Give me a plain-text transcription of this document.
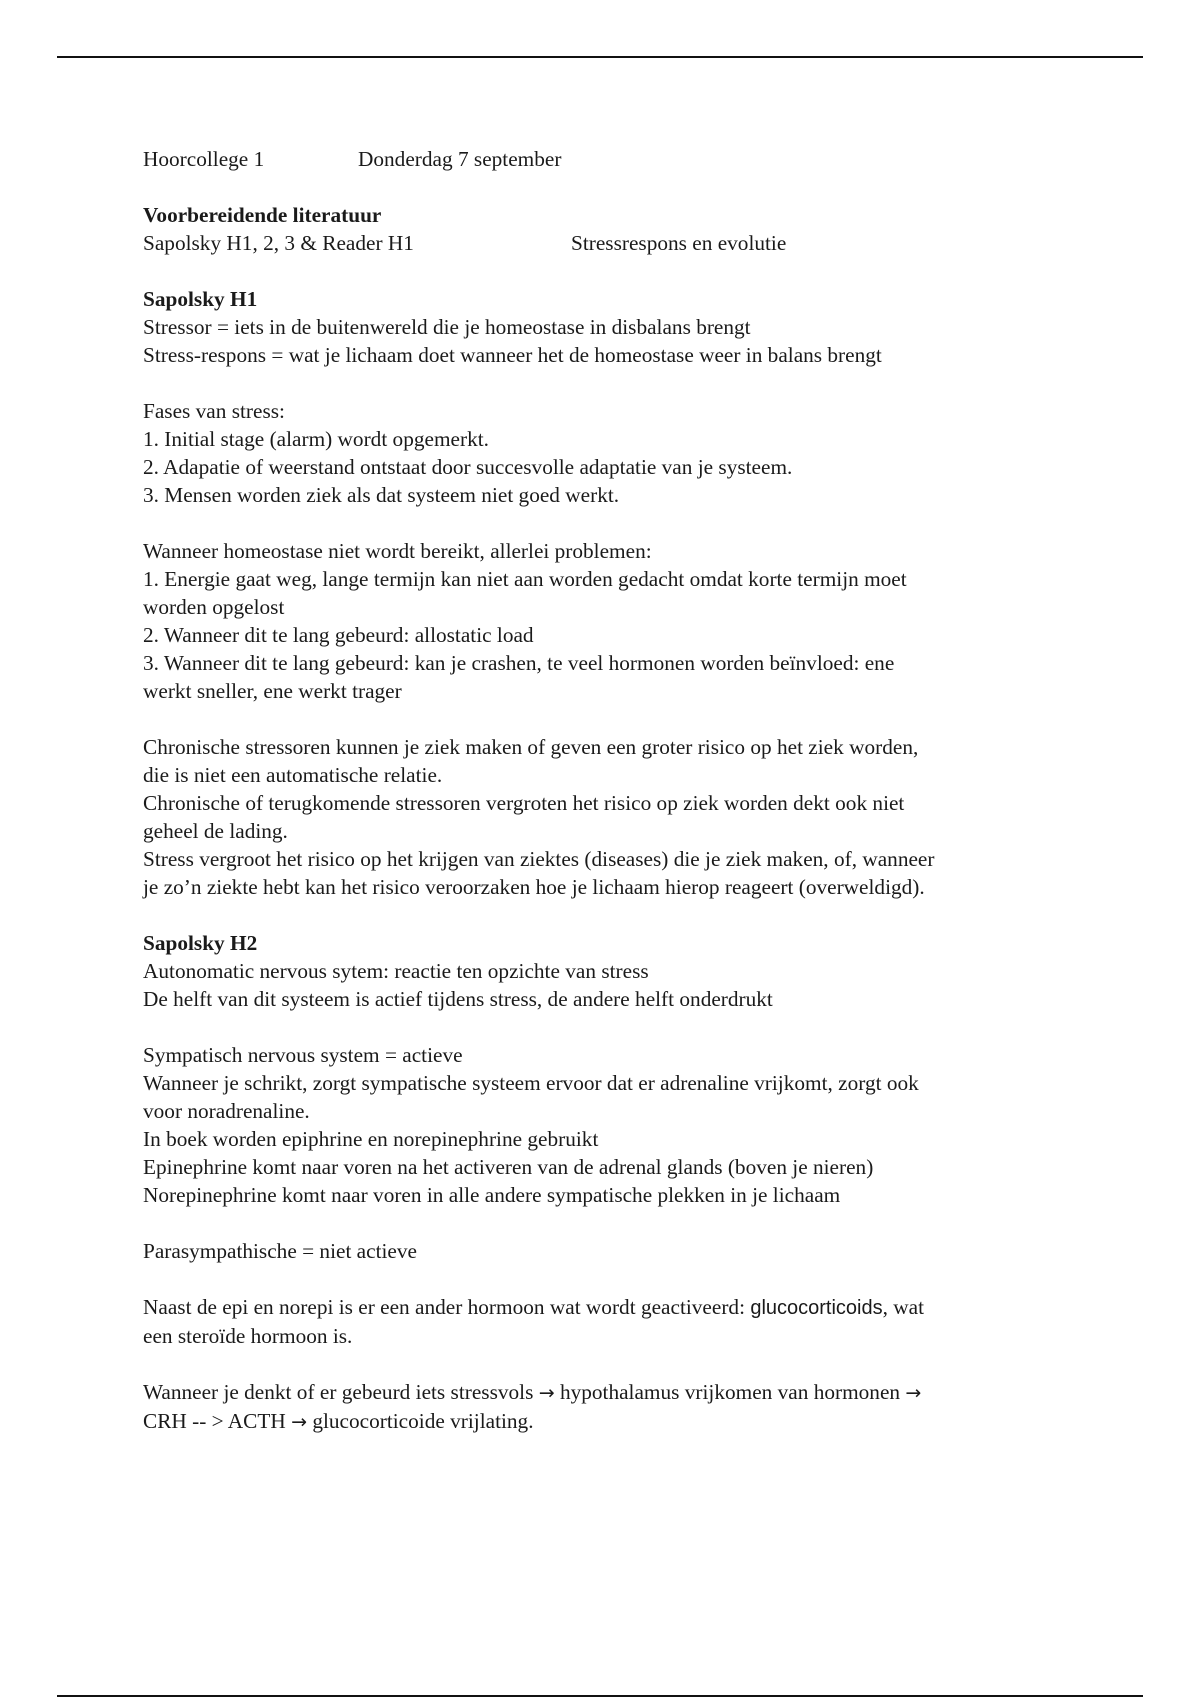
Hoorcollege 1	Donderdag 7 september
Voorbereidende literatuur
Sapolsky H1, 2, 3 & Reader H1	Stressrespons en evolutie
Sapolsky H1
Stressor = iets in de buitenwereld die je homeostase in disbalans brengt
Stress-respons = wat je lichaam doet wanneer het de homeostase weer in balans brengt
Fases van stress:
1. Initial stage (alarm) wordt opgemerkt.
2. Adapatie of weerstand ontstaat door succesvolle adaptatie van je systeem.
3. Mensen worden ziek als dat systeem niet goed werkt.
Wanneer homeostase niet wordt bereikt, allerlei problemen:
1. Energie gaat weg, lange termijn kan niet aan worden gedacht omdat korte termijn moet
worden opgelost
2. Wanneer dit te lang gebeurd: allostatic load
3. Wanneer dit te lang gebeurd: kan je crashen, te veel hormonen worden beïnvloed: ene
werkt sneller, ene werkt trager
Chronische stressoren kunnen je ziek maken of geven een groter risico op het ziek worden,
die is niet een automatische relatie.
Chronische of terugkomende stressoren vergroten het risico op ziek worden dekt ook niet
geheel de lading.
Stress vergroot het risico op het krijgen van ziektes (diseases) die je ziek maken, of, wanneer
je zo’n ziekte hebt kan het risico veroorzaken hoe je lichaam hierop reageert (overweldigd).
Sapolsky H2
Autonomatic nervous sytem: reactie ten opzichte van stress
De helft van dit systeem is actief tijdens stress, de andere helft onderdrukt
Sympatisch nervous system = actieve
Wanneer je schrikt, zorgt sympatische systeem ervoor dat er adrenaline vrijkomt, zorgt ook
voor noradrenaline.
In boek worden epiphrine en norepinephrine gebruikt
Epinephrine komt naar voren na het activeren van de adrenal glands (boven je nieren)
Norepinephrine komt naar voren in alle andere sympatische plekken in je lichaam
Parasympathische = niet actieve
Naast de epi en norepi is er een ander hormoon wat wordt geactiveerd: glucocorticoids, wat
een steroïde hormoon is.
Wanneer je denkt of er gebeurd iets stressvols → hypothalamus vrijkomen van hormonen →
CRH -- > ACTH → glucocorticoide vrijlating.
